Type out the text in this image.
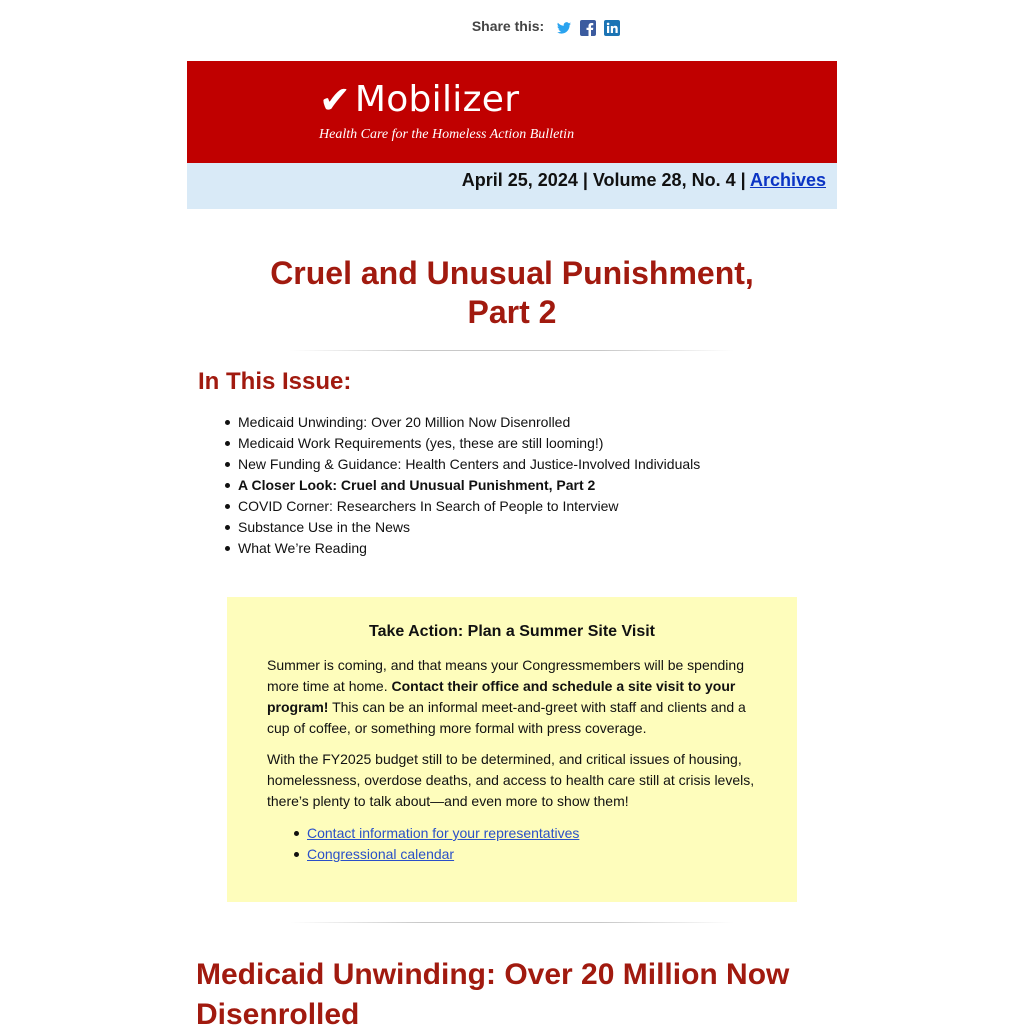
Share this:
✔ Mobilizer
Health Care for the Homeless Action Bulletin
April 25, 2024 | Volume 28, No. 4 | Archives
Cruel and Unusual Punishment,
Part 2
In This Issue:
Medicaid Unwinding: Over 20 Million Now Disenrolled
Medicaid Work Requirements (yes, these are still looming!)
New Funding & Guidance: Health Centers and Justice-Involved Individuals
A Closer Look: Cruel and Unusual Punishment, Part 2
COVID Corner: Researchers In Search of People to Interview
Substance Use in the News
What We’re Reading
Take Action: Plan a Summer Site Visit

Summer is coming, and that means your Congressmembers will be spending more time at home. Contact their office and schedule a site visit to your program! This can be an informal meet-and-greet with staff and clients and a cup of coffee, or something more formal with press coverage.

With the FY2025 budget still to be determined, and critical issues of housing, homelessness, overdose deaths, and access to health care still at crisis levels, there’s plenty to talk about—and even more to show them!

Contact information for your representatives
Congressional calendar
Medicaid Unwinding: Over 20 Million Now Disenrolled
